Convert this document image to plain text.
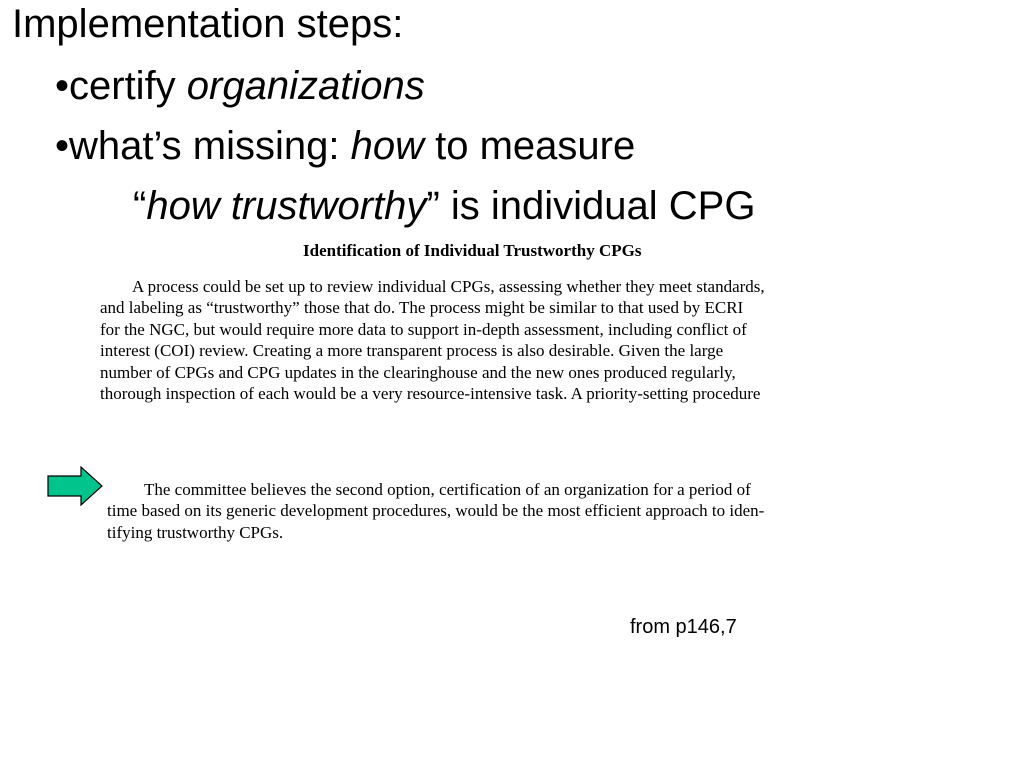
Implementation steps:
•certify organizations
•what’s missing: how to measure
“how trustworthy” is individual CPG
Identification of Individual Trustworthy CPGs
A process could be set up to review individual CPGs, assessing whether they meet standards,
and labeling as “trustworthy” those that do. The process might be similar to that used by ECRI
for the NGC, but would require more data to support in-depth assessment, including conflict of
interest (COI) review. Creating a more transparent process is also desirable. Given the large
number of CPGs and CPG updates in the clearinghouse and the new ones produced regularly,
thorough inspection of each would be a very resource-intensive task. A priority-setting procedure
The committee believes the second option, certification of an organization for a period of
time based on its generic development procedures, would be the most efficient approach to iden-
tifying trustworthy CPGs.
from p146,7
